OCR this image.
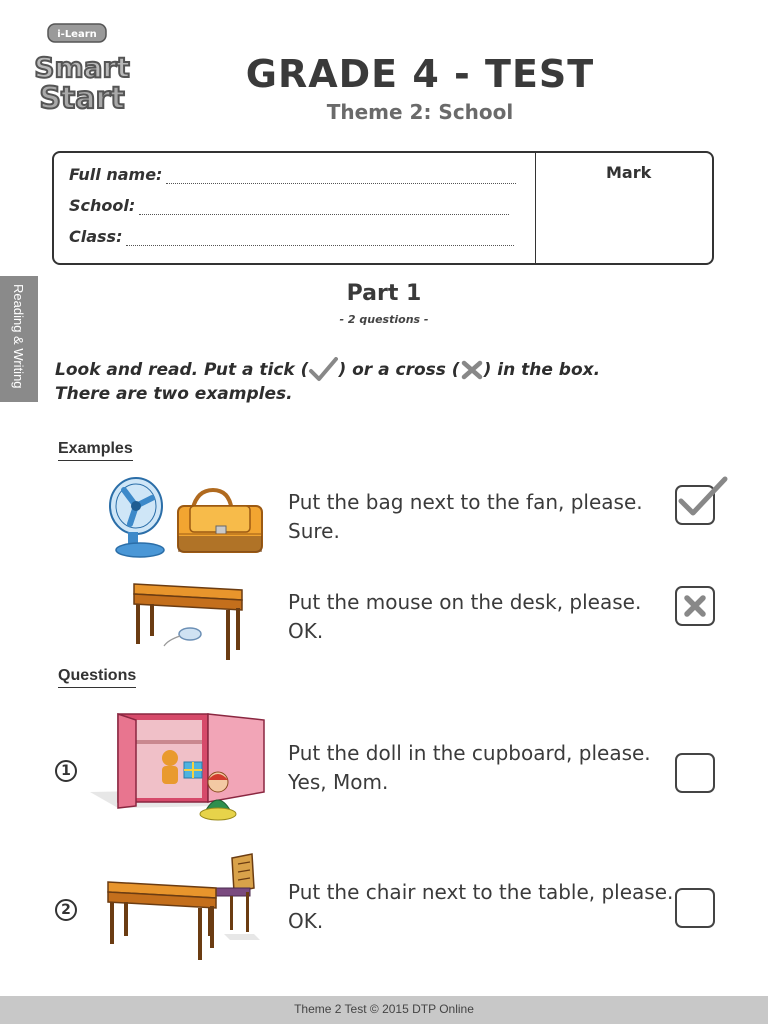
i-Learn
Smart
Start
GRADE 4 - TEST
Theme 2: School
Full name:
School:
Class:
Mark
Reading & Writing	Part 1
- 2 questions -
Look and read. Put a tick ( ) or a cross ( ) in the box.
There are two examples.
Examples
Put the bag next to the fan, please.
Sure.
Put the mouse on the desk, please.
OK.
Questions
1
Put the doll in the cupboard, please.
Yes, Mom.
2
Put the chair next to the table, please.
OK.
Theme 2 Test © 2015 DTP Online
